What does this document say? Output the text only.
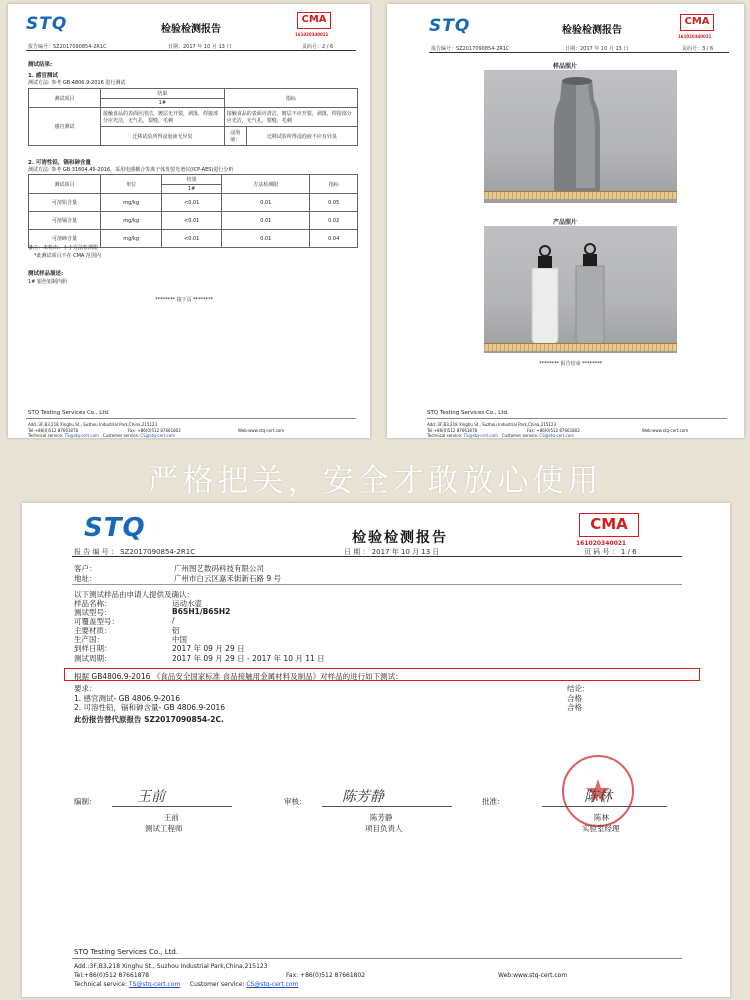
STQ	检验检测报告
CMA
161020340021
报告编号：SZ2017090854-2R1C	日期：2017 年 10 月 13 日	页码号：2 / 6
测试结果:
1. 感官测试
测试方法: 参考 GB 4806.9-2016 进行测试
测试项目	结果	指标	
	1#		
感官测试	接触食品的表面应清洁，镀层无开裂，剥落，焊接部分应光洁，无气孔，裂缝，毛刺	接触食品的表面应清洁，镀层不应开裂，剥落，焊接部分应光洁，无气孔，裂缝，毛刺	
	迁移试验所得浸泡液无异臭	浸泡液：	迁移试验所得浸泡液不应有异臭
2. 可溶性铅，镉和砷含量
测试方法: 参考 GB 31604.49-2016，采用电感耦合等离子体发射光谱仪(ICP-AES)进行分析
测试项目	单位	结果	方法检测限	指标
		1#		
可溶铅含量	mg/kg	<0.01	0.01	0.05
可溶镉含量	mg/kg	<0.01	0.01	0.02
可溶砷含量	mg/kg	<0.01	0.01	0.04
备注：未检出：小于方法检测限
*此测试项目不在 CMA 范围内
测试样品描述:
1# 银色铝制内胆
******** 接下页 ********
STQ Testing Services Co., Ltd.
Add.:3F,B3,218 Xinghu St., Suzhou Industrial Park,China,215123
Tel:+86(0)512 87661878	Fax: +86(0)512 87661802	Web:www.stq-cert.com
Technical service: TS@stq-cert.com Customer service: CS@stq-cert.com
STQ	检验检测报告
CMA
161020340021
报告编号：SZ2017090854-2R1C	日期：2017 年 10 月 13 日	页码号：3 / 6
样品照片
产品照片
******** 报告结束 ********
STQ Testing Services Co., Ltd.
Add.:3F,B3,218 Xinghu St., Suzhou Industrial Park,China,215123
Tel:+86(0)512 87661878	Fax: +86(0)512 87661802	Web:www.stq-cert.com
Technical service: TS@stq-cert.com Customer service: CS@stq-cert.com
严格把关，安全才敢放心使用
STQ	检验检测报告
CMA
161020340021
报 告 编 号 ： SZ2017090854-2R1C	日 期 ： 2017 年 10 月 13 日	页 码 号 ： 1 / 6
客户：	广州图艺数码科技有限公司
地址：	广州市白云区嘉禾街新石路 9 号
以下测试样品由申请人提供及确认：
样品名称：	运动水壶
测试型号：	B6SH1/B6SH2
可覆盖型号：	/
主要材质：	铝
生产国：	中国
到样日期：	2017 年 09 月 29 日
测试周期：	2017 年 09 月 29 日 - 2017 年 10 月 11 日
根据 GB4806.9-2016 《食品安全国家标准 食品接触用金属材料及制品》对样品的进行如下测试：
要求：	结论：
1. 感官测试- GB 4806.9-2016	合格
2. 可溶性铅，镉和砷含量- GB 4806.9-2016	合格
此份报告替代原报告 SZ2017090854-2C.
编制：	王前
王前
测试工程师
审核：	陈芳静
陈芳静
项目负责人
批准：	陈林
陈林
实验室经理
STQ Testing Services Co., Ltd.
Add.:3F,B3,218 Xinghu St., Suzhou Industrial Park,China,215123
Tel:+86(0)512 87661878	Fax: +86(0)512 87661802	Web:www.stq-cert.com
Technical service: TS@stq-cert.com Customer service: CS@stq-cert.com
